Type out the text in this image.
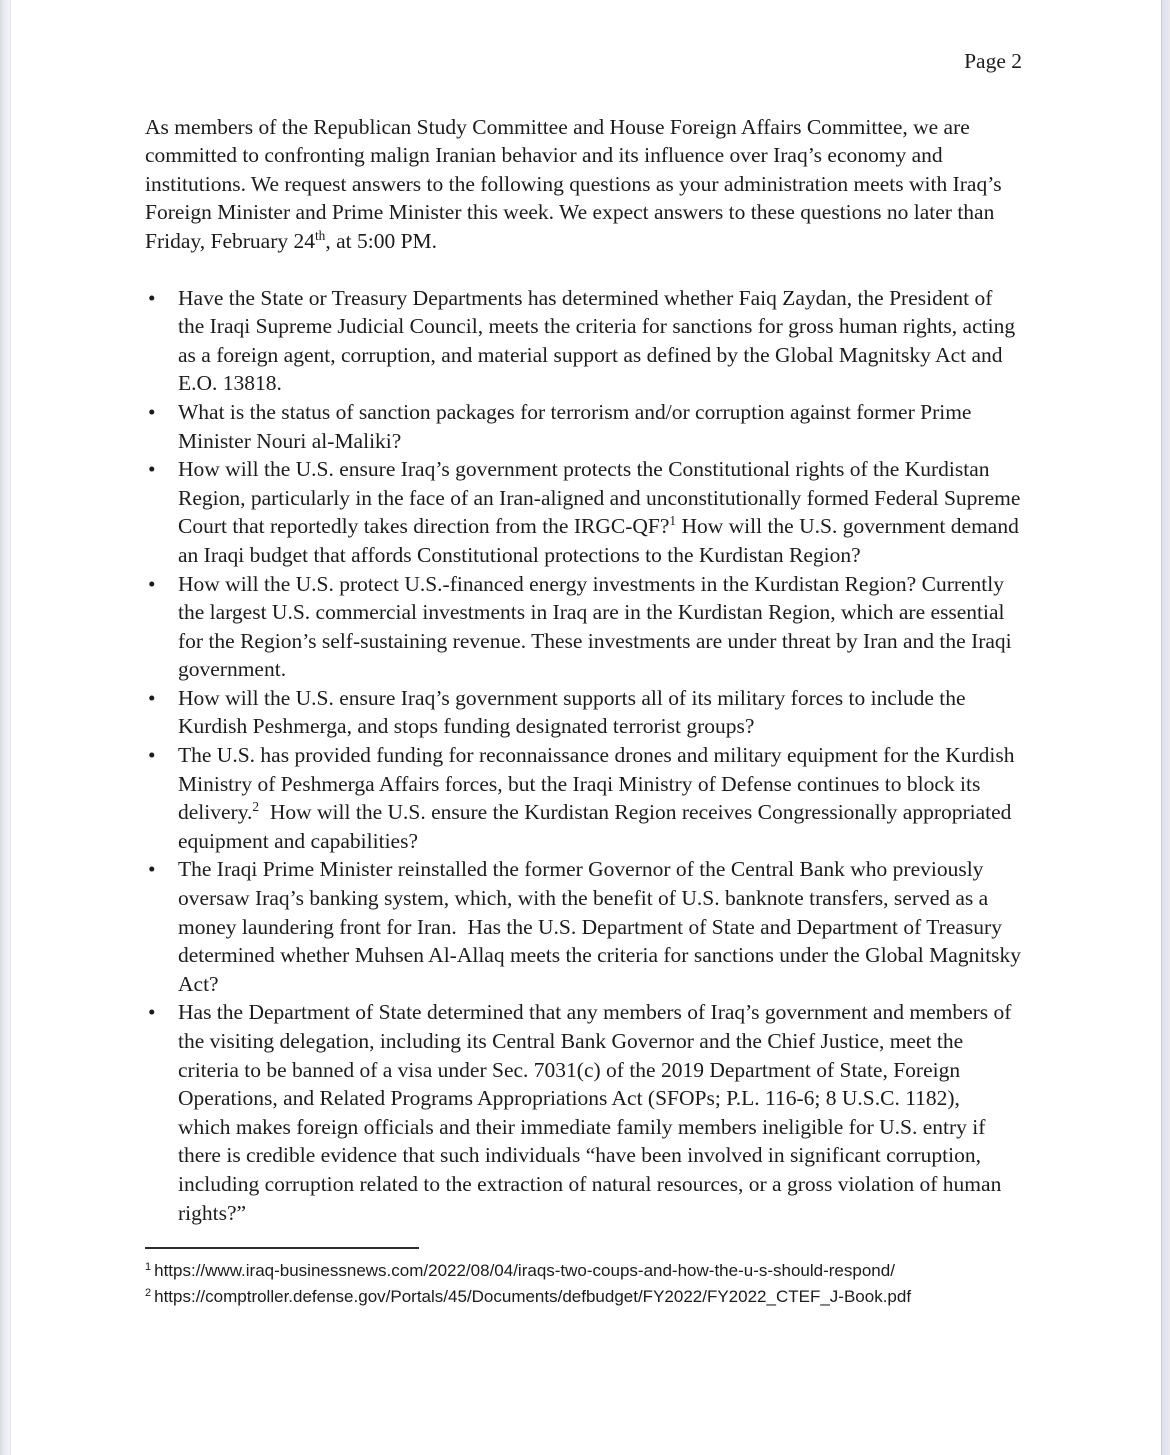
Page 2

As members of the Republican Study Committee and House Foreign Affairs Committee, we are committed to confronting malign Iranian behavior and its influence over Iraq’s economy and institutions. We request answers to the following questions as your administration meets with Iraq’s Foreign Minister and Prime Minister this week. We expect answers to these questions no later than Friday, February 24th, at 5:00 PM.

• Have the State or Treasury Departments has determined whether Faiq Zaydan, the President of the Iraqi Supreme Judicial Council, meets the criteria for sanctions for gross human rights, acting as a foreign agent, corruption, and material support as defined by the Global Magnitsky Act and E.O. 13818.
• What is the status of sanction packages for terrorism and/or corruption against former Prime Minister Nouri al-Maliki?
• How will the U.S. ensure Iraq’s government protects the Constitutional rights of the Kurdistan Region, particularly in the face of an Iran-aligned and unconstitutionally formed Federal Supreme Court that reportedly takes direction from the IRGC-QF?$^1$ How will the U.S. government demand an Iraqi budget that affords Constitutional protections to the Kurdistan Region?
• How will the U.S. protect U.S.-financed energy investments in the Kurdistan Region? Currently the largest U.S. commercial investments in Iraq are in the Kurdistan Region, which are essential for the Region’s self-sustaining revenue. These investments are under threat by Iran and the Iraqi government.
• How will the U.S. ensure Iraq’s government supports all of its military forces to include the Kurdish Peshmerga, and stops funding designated terrorist groups?
• The U.S. has provided funding for reconnaissance drones and military equipment for the Kurdish Ministry of Peshmerga Affairs forces, but the Iraqi Ministry of Defense continues to block its delivery.$^2$  How will the U.S. ensure the Kurdistan Region receives Congressionally appropriated equipment and capabilities?
• The Iraqi Prime Minister reinstalled the former Governor of the Central Bank who previously oversaw Iraq’s banking system, which, with the benefit of U.S. banknote transfers, served as a money laundering front for Iran.  Has the U.S. Department of State and Department of Treasury determined whether Muhsen Al-Allaq meets the criteria for sanctions under the Global Magnitsky Act?
• Has the Department of State determined that any members of Iraq’s government and members of the visiting delegation, including its Central Bank Governor and the Chief Justice, meet the criteria to be banned of a visa under Sec. 7031(c) of the 2019 Department of State, Foreign Operations, and Related Programs Appropriations Act (SFOPs; P.L. 116-6; 8 U.S.C. 1182),  which makes foreign officials and their immediate family members ineligible for U.S. entry if there is credible evidence that such individuals “have been involved in significant corruption, including corruption related to the extraction of natural resources, or a gross violation of human rights?”
$^1$ https://www.iraq-businessnews.com/2022/08/04/iraqs-two-coups-and-how-the-u-s-should-respond/
$^2$ https://comptroller.defense.gov/Portals/45/Documents/defbudget/FY2022/FY2022_CTEF_J-Book.pdf
